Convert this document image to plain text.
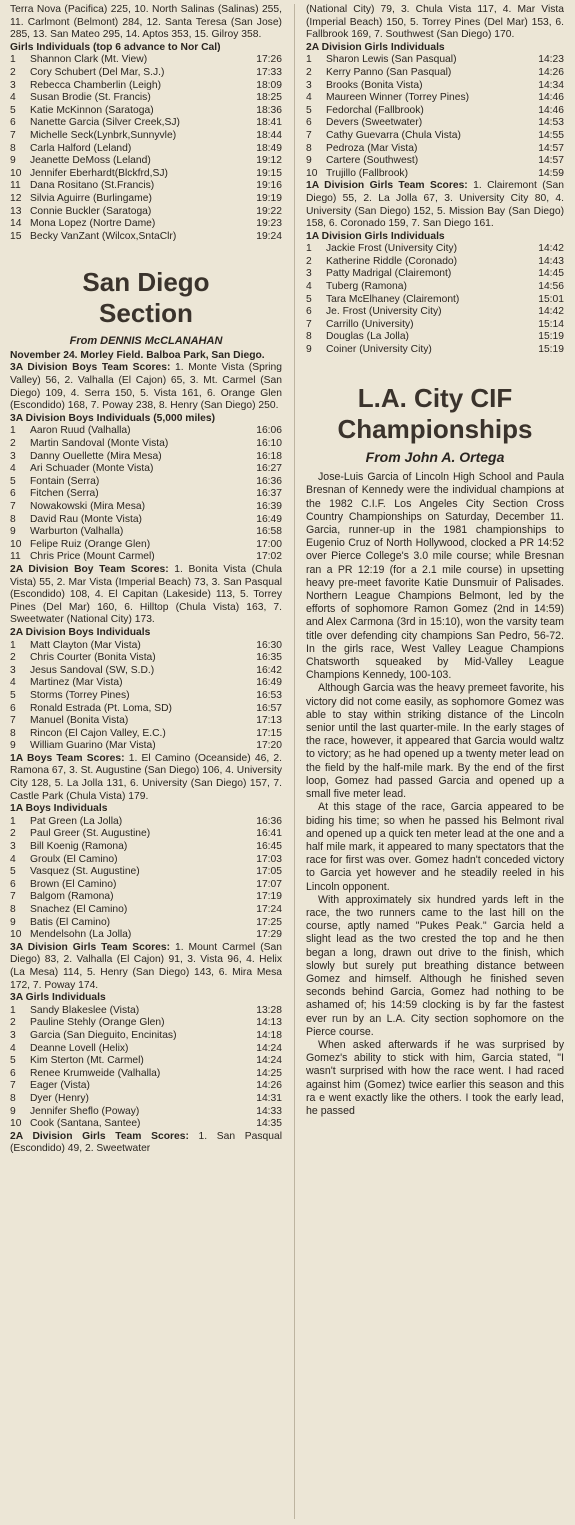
Terra Nova (Pacifica) 225, 10. North Salinas (Salinas) 255, 11. Carlmont (Belmont) 284, 12. Santa Teresa (San Jose) 285, 13. San Mateo 295, 14. Aptos 353, 15. Gilroy 358.

Girls Individuals (top 6 advance to Nor Cal)

1	Shannon Clark (Mt. View)	17:26
2	Cory Schubert (Del Mar, S.J.)	17:33
3	Rebecca Chamberlin (Leigh)	18:09
4	Susan Brodie (St. Francis)	18:25
5	Katie McKinnon (Saratoga)	18:36
6	Nanette Garcia (Silver Creek,SJ)	18:41
7	Michelle Seck(Lynbrk,Sunnyvle)	18:44
8	Carla Halford (Leland)	18:49
9	Jeanette DeMoss (Leland)	19:12
10 Jennifer Eberhardt(Blckfrd,SJ)	19:15
11 Dana Rositano (St.Francis)	19:16
12 Silvia Aguirre (Burlingame)	19:19
13 Connie Buckler (Saratoga)	19:22
14 Mona Lopez (Nortre Dame)	19:23
15 Becky VanZant (Wilcox,SntaClr)	19:24
San Diego
Section

From DENNIS McCLANAHAN

November 24. Morley Field. Balboa Park, San Diego.

3A Division Boys Team Scores: 1. Monte Vista (Spring Valley) 56, 2. Valhalla (El Cajon) 65, 3. Mt. Carmel (San Diego) 109, 4. Serra 150, 5. Vista 161, 6. Orange Glen (Escondido) 168, 7. Poway 238, 8. Henry (San Diego) 250.

3A Division Boys Individuals (5,000 miles)

1	Aaron Ruud (Valhalla)	16:06
2	Martin Sandoval (Monte Vista)	16:10
3	Danny Ouellette (Mira Mesa)	16:18
4	Ari Schuader (Monte Vista)	16:27
5	Fontain (Serra)	16:36
6	Fitchen (Serra)	16:37
7	Nowakowski (Mira Mesa)	16:39
8	David Rau (Monte Vista)	16:49
9	Warburton (Valhalla)	16:58
10 Felipe Ruiz (Orange Glen)	17:00
11 Chris Price (Mount Carmel)	17:02

2A Division Boy Team Scores: 1. Bonita Vista (Chula Vista) 55, 2. Mar Vista (Imperial Beach) 73, 3. San Pasqual (Escondido) 108, 4. El Capitan (Lakeside) 113, 5. Torrey Pines (Del Mar) 160, 6. Hilltop (Chula Vista) 163, 7. Sweetwater (National City) 173.

2A Division Boys Individuals

1	Matt Clayton (Mar Vista)	16:30
2	Chris Courter (Bonita Vista)	16:35
3	Jesus Sandoval (SW, S.D.)	16:42
4	Martinez (Mar Vista)	16:49
5	Storms (Torrey Pines)	16:53
6	Ronald Estrada (Pt. Loma, SD)	16:57
7	Manuel (Bonita Vista)	17:13
8	Rincon (El Cajon Valley, E.C.)	17:15
9	William Guarino (Mar Vista)	17:20

1A Boys Team Scores: 1. El Camino (Oceanside) 46, 2. Ramona 67, 3. St. Augustine (San Diego) 106, 4. University City 128, 5. La Jolla 131, 6. University (San Diego) 157, 7. Castle Park (Chula Vista) 179.

1A Boys Individuals

1	Pat Green (La Jolla)	16:36
2	Paul Greer (St. Augustine)	16:41
3	Bill Koenig (Ramona)	16:45
4	Groulx (El Camino)	17:03
5	Vasquez (St. Augustine)	17:05
6	Brown (El Camino)	17:07
7	Balgom (Ramona)	17:19
8	Snachez (El Camino)	17:24
9	Batis (El Camino)	17:25
10 Mendelsohn (La Jolla)	17:29

3A Division Girls Team Scores: 1. Mount Carmel (San Diego) 83, 2. Valhalla (El Cajon) 91, 3. Vista 96, 4. Helix (La Mesa) 114, 5. Henry (San Diego) 143, 6. Mira Mesa 172, 7. Poway 174.

3A Girls Individuals

1	Sandy Blakeslee (Vista)	13:28
2	Pauline Stehly (Orange Glen)	14:13
3	Garcia (San Dieguito, Encinitas)	14:18
4	Deanne Lovell (Helix)	14:24
5	Kim Sterton (Mt. Carmel)	14:24
6	Renee Krumweide (Valhalla)	14:25
7	Eager (Vista)	14:26
8	Dyer (Henry)	14:31
9	Jennifer Sheflo (Poway)	14:33
10 Cook (Santana, Santee)	14:35

2A Division Girls Team Scores: 1. San Pasqual (Escondido) 49, 2. Sweetwater

(National City) 79, 3. Chula Vista 117, 4. Mar Vista (Imperial Beach) 150, 5. Torrey Pines (Del Mar) 153, 6. Fallbrook 169, 7. Southwest (San Diego) 170.

2A Division Girls Individuals

1	Sharon Lewis (San Pasqual)	14:23
2	Kerry Panno (San Pasqual)	14:26
3	Brooks (Bonita Vista)	14:34
4	Maureen Winner (Torrey Pines)	14:46
5	Fedorchal (Fallbrook)	14:46
6	Devers (Sweetwater)	14:53
7	Cathy Guevarra (Chula Vista)	14:55
8	Pedroza (Mar Vista)	14:57
9	Cartere (Southwest)	14:57
10 Trujillo (Fallbrook)	14:59

1A Division Girls Team Scores: 1. Clairemont (San Diego) 55, 2. La Jolla 67, 3. University City 80, 4. University (San Diego) 152, 5. Mission Bay (San Diego) 158, 6. Coronado 159, 7. San Diego 161.

1A Division Girls Individuals

1	Jackie Frost (University City)	14:42
2	Katherine Riddle (Coronado)	14:43
3	Patty Madrigal (Clairemont)	14:45
4	Tuberg (Ramona)	14:56
5	Tara McElhaney (Clairemont)	15:01
6	Je. Frost (University City)	14:42
7	Carrillo (University)	15:14
8	Douglas (La Jolla)	15:19
9	Coiner (University City)	15:19
L.A. City CIF
Championships

From John A. Ortega

Jose-Luis Garcia of Lincoln High School and Paula Bresnan of Kennedy were the individual champions at the 1982 C.I.F. Los Angeles City Section Cross Country Championships on Saturday, December 11. Garcia, runner-up in the 1981 championships to Eugenio Cruz of North Hollywood, clocked a PR 14:52 over Pierce College's 3.0 mile course; while Bresnan ran a PR 12:19 (for a 2.1 mile course) in upsetting heavy pre-meet favorite Katie Dunsmuir of Palisades. Northern League Champions Belmont, led by the efforts of sophomore Ramon Gomez (2nd in 14:59) and Alex Carmona (3rd in 15:10), won the varsity team title over defending city champions San Pedro, 56-72. In the girls race, West Valley League Champions Chatsworth squeaked by Mid-Valley League Champions Kennedy, 100-103.

Although Garcia was the heavy premeet favorite, his victory did not come easily, as sophomore Gomez was able to stay within striking distance of the Lincoln senior until the last quarter-mile. In the early stages of the race, however, it appeared that Garcia would waltz to victory; as he had opened up a twenty meter lead on the field by the half-mile mark. By the end of the first loop, Gomez had passed Garcia and opened up a small five meter lead.

At this stage of the race, Garcia appeared to be biding his time; so when he passed his Belmont rival and opened up a quick ten meter lead at the one and a half mile mark, it appeared to many spectators that the race for first was over. Gomez hadn't conceded victory to Garcia yet however and he steadily reeled in his Lincoln opponent.

With approximately six hundred yards left in the race, the two runners came to the last hill on the course, aptly named "Pukes Peak." Garcia held a slight lead as the two crested the top and he then began a long, drawn out drive to the finish, which slowly but surely put breathing distance between Gomez and himself. Although he finished seven seconds behind Garcia, Gomez had nothing to be ashamed of; his 14:59 clocking is by far the fastest ever run by an L.A. City section sophomore on the Pierce course.

When asked afterwards if he was surprised by Gomez's ability to stick with him, Garcia stated, "I wasn't surprised with how the race went. I had raced against him (Gomez) twice earlier this season and this ra e went exactly like the others. I took the early lead, he passed
